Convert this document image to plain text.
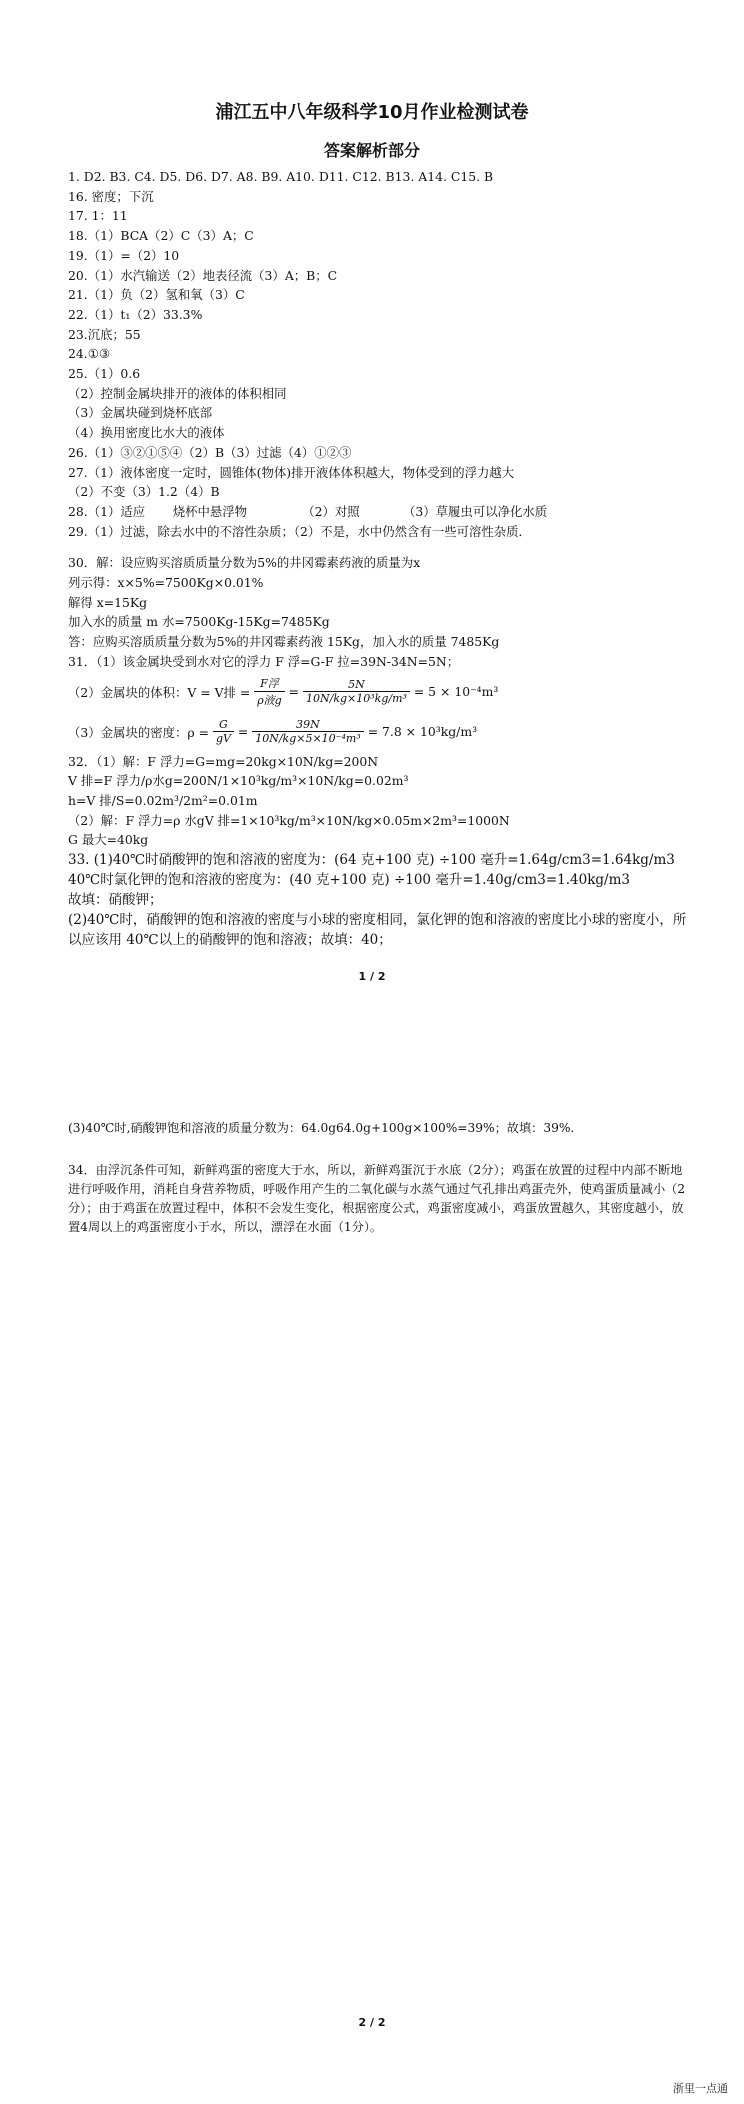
浦江五中八年级科学10月作业检测试卷
答案解析部分
1. D2. B3. C4. D5. D6. D7. A8. B9. A10. D11. C12. B13. A14. C15. B
16. 密度；下沉
17. 1：11
18.（1）BCA（2）C（3）A；C
19.（1）=（2）10
20.（1）水汽输送（2）地表径流（3）A；B；C
21.（1）负（2）氢和氧（3）C
22.（1）t₁（2）33.3%
23.沉底；55
24.①③
25.（1）0.6
（2）控制金属块排开的液体的体积相同
（3）金属块碰到烧杯底部
（4）换用密度比水大的液体
26.（1）③②①⑤④（2）B（3）过滤（4）①②③
27.（1）液体密度一定时，圆锥体(物体)排开液体体积越大，物体受到的浮力越大
（2）不变（3）1.2（4）B
28.（1）适应       烧杯中悬浮物              （2）对照           （3）草履虫可以净化水质
29.（1）过滤，除去水中的不溶性杂质；（2）不是，水中仍然含有一些可溶性杂质．
30．解：设应购买溶质质量分数为5%的井冈霉素药液的质量为x
列示得：x×5%=7500Kg×0.01%
解得 x=15Kg
加入水的质量 m 水=7500Kg-15Kg=7485Kg
答：应购买溶质质量分数为5%的井冈霉素药液 15Kg，加入水的质量 7485Kg
31．（1）该金属块受到水对它的浮力 F 浮=G-F 拉=39N-34N=5N；
（2）金属块的体积：V = V排 = $\frac{\text{F浮}}{\text{ρ液g}} = \frac{5N}{\text{10N/kg×10³kg/m³}} = 5 \times 10^{-4}m^3$
（3）金属块的密度：$\rho = \frac{G}{gV} = \frac{39N}{\text{10N/kg×5×10⁻⁴m³}} = 7.8 \times 10^3kg/m^3$
32．（1）解：F 浮力=G=mg=20kg×10N/kg=200N
V 排=F 浮力/ρ水g=200N/1×10³kg/m³×10N/kg=0.02m³
h=V 排/S=0.02m³/2m²=0.01m
（2）解：F 浮力=ρ 水gV 排=1×10³kg/m³×10N/kg×0.05m×2m³=1000N
G 最大=40kg
33. (1)40℃时硝酸钾的饱和溶液的密度为：(64 克+100 克) ÷100 毫升=1.64g/cm3=1.64kg/m3
40℃时氯化钾的饱和溶液的密度为：(40 克+100 克) ÷100 毫升=1.40g/cm3=1.40kg/m3
故填：硝酸钾；
(2)40℃时，硝酸钾的饱和溶液的密度与小球的密度相同，氯化钾的饱和溶液的密度比小球的密度小，所以应该用 40℃以上的硝酸钾的饱和溶液；故填：40；
1 / 2
(3)40℃时,硝酸钾饱和溶液的质量分数为：64.0g64.0g+100g×100%=39%；故填：39%.
34．由浮沉条件可知，新鲜鸡蛋的密度大于水，所以，新鲜鸡蛋沉于水底（2分）；鸡蛋在放置的过程中内部不断地进行呼吸作用，消耗自身营养物质，呼吸作用产生的二氧化碳与水蒸气通过气孔排出鸡蛋壳外，使鸡蛋质量减小（2分）；由于鸡蛋在放置过程中，体积不会发生变化，根据密度公式，鸡蛋密度减小，鸡蛋放置越久，其密度越小，放置4周以上的鸡蛋密度小于水，所以，漂浮在水面（1分）。
2 / 2
浙里一点通
